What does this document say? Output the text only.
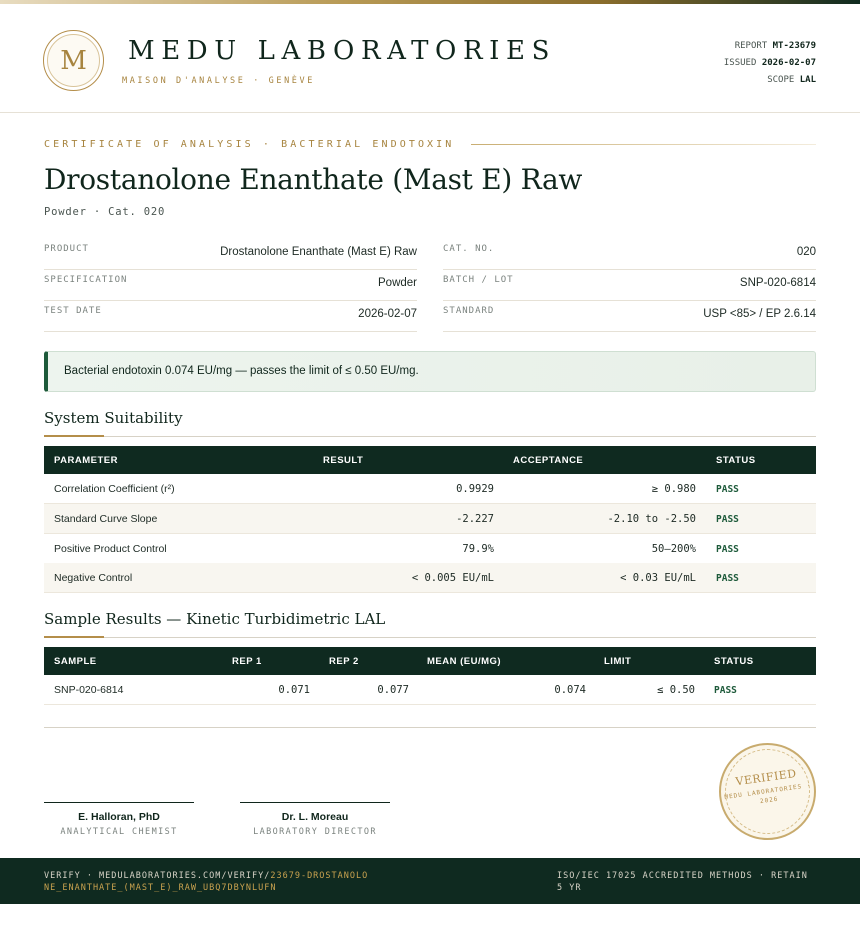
M MEDU LABORATORIES
MAISON D'ANALYSE · GENÈVE
REPORT MT-23679
ISSUED 2026-02-07
SCOPE LAL
CERTIFICATE OF ANALYSIS · BACTERIAL ENDOTOXIN
Drostanolone Enanthate (Mast E) Raw
Powder · Cat. 020
PRODUCT	Drostanolone Enanthate (Mast E) Raw
SPECIFICATION	Powder
TEST DATE	2026-02-07
CAT. NO.	020
BATCH / LOT	SNP-020-6814
STANDARD	USP <85> / EP 2.6.14
Bacterial endotoxin 0.074 EU/mg — passes the limit of ≤ 0.50 EU/mg.
System Suitability
PARAMETER	RESULT	ACCEPTANCE	STATUS
Correlation Coefficient (r²)	0.9929	≥ 0.980 PASS
Standard Curve Slope	-2.227	-2.10 to -2.50 PASS
Positive Product Control	79.9%	50–200% PASS
Negative Control	< 0.005 EU/mL	< 0.03 EU/mL PASS
Sample Results — Kinetic Turbidimetric LAL
SAMPLE	REP 1	REP 2	MEAN (EU/MG)	LIMIT	STATUS
SNP-020-6814	0.071	0.077	0.074	≤ 0.50 PASS
E. Halloran, PhD
ANALYTICAL CHEMIST
Dr. L. Moreau
LABORATORY DIRECTOR
VERIFIED
MEDU LABORATORIES · 2026
VERIFY · MEDULABORATORIES.COM/VERIFY/23679-DROSTANOLONE_ENANTHATE_(MAST_E)_RAW_UBQ7DBYNLUFN
ISO/IEC 17025 ACCREDITED METHODS · RETAIN 5 YR
